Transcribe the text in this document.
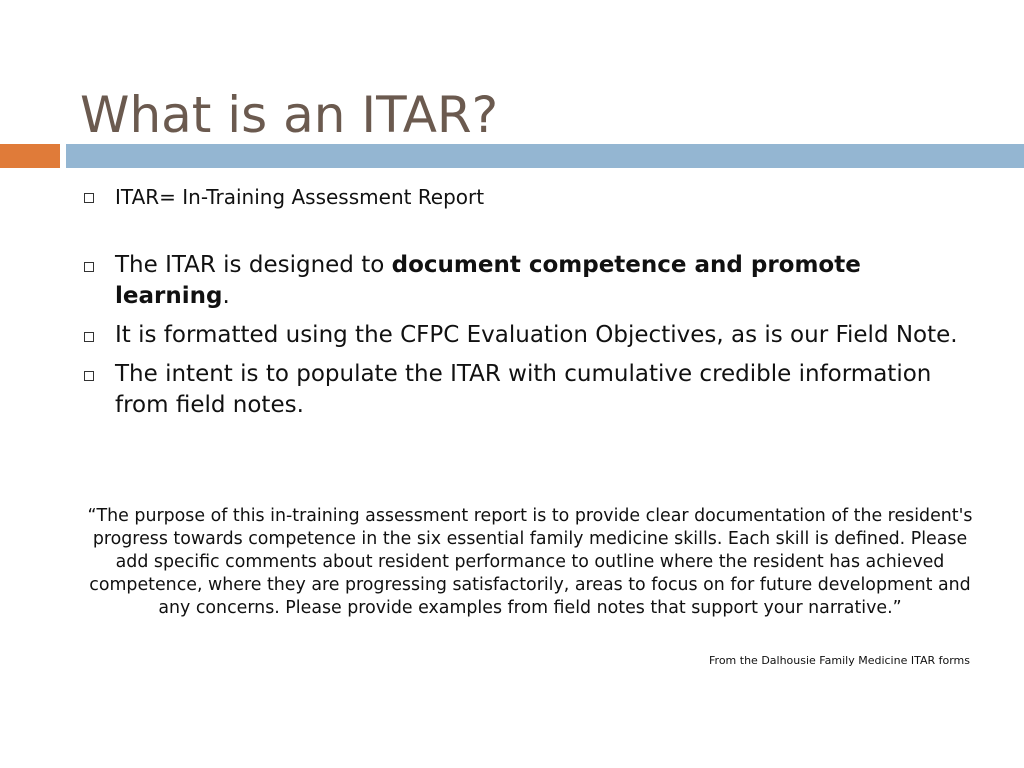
What is an ITAR?
ITAR= In-Training Assessment Report
The ITAR is designed to document competence and promote learning.
It is formatted using the CFPC Evaluation Objectives, as is our Field Note.
The intent is to populate the ITAR with cumulative credible information from field notes.

“The purpose of this in-training assessment report is to provide clear documentation of the resident's progress towards competence in the six essential family medicine skills. Each skill is defined. Please add specific comments about resident performance to outline where the resident has achieved competence, where they are progressing satisfactorily, areas to focus on for future development and any concerns. Please provide examples from field notes that support your narrative.”

From the Dalhousie Family Medicine ITAR forms
